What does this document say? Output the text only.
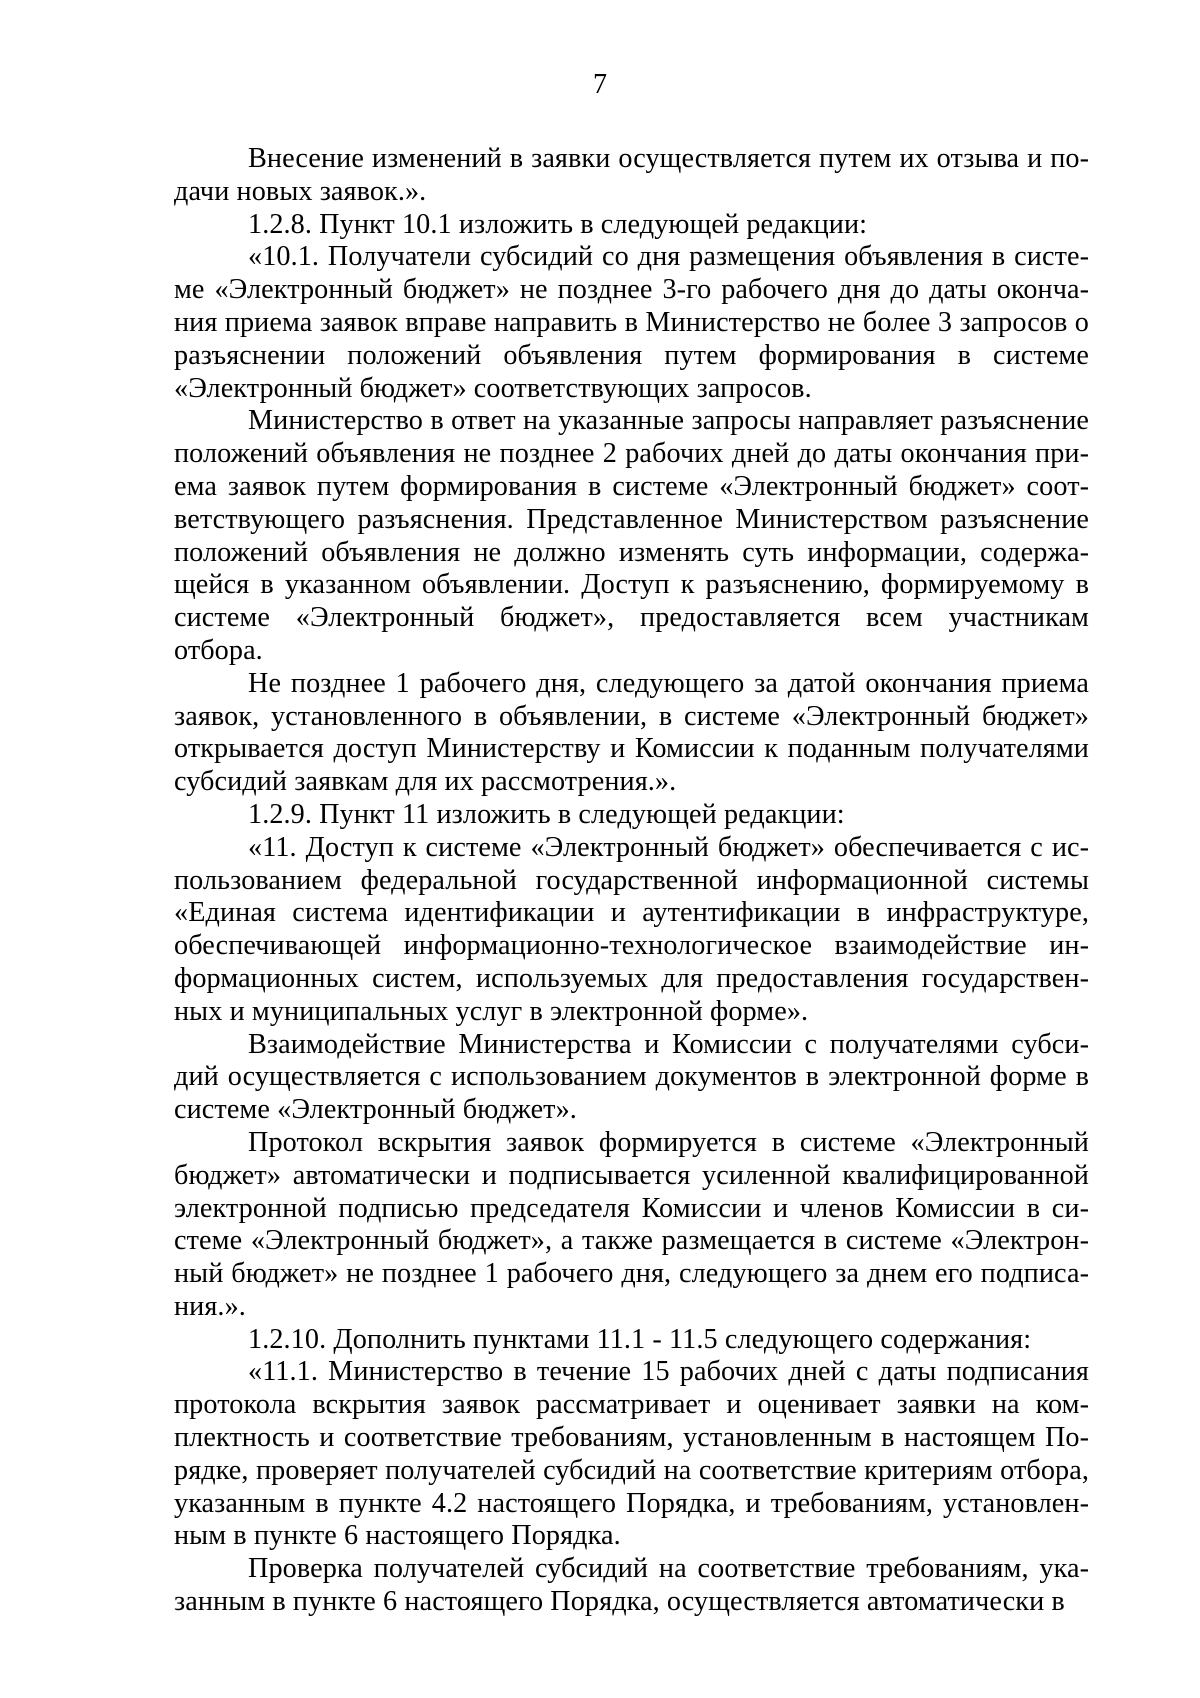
7

Внесение изменений в заявки осуществляется путем их отзыва и подачи новых заявок.».

1.2.8. Пункт 10.1 изложить в следующей редакции:

«10.1. Получатели субсидий со дня размещения объявления в системе «Электронный бюджет» не позднее 3-го рабочего дня до даты окончания приема заявок вправе направить в Министерство не более 3 запросов о разъяснении положений объявления путем формирования в системе «Электронный бюджет» соответствующих запросов.

Министерство в ответ на указанные запросы направляет разъяснение положений объявления не позднее 2 рабочих дней до даты окончания приема заявок путем формирования в системе «Электронный бюджет» соответствующего разъяснения. Представленное Министерством разъяснение положений объявления не должно изменять суть информации, содержащейся в указанном объявлении. Доступ к разъяснению, формируемому в системе «Электронный бюджет», предоставляется всем участникам отбора.

Не позднее 1 рабочего дня, следующего за датой окончания приема заявок, установленного в объявлении, в системе «Электронный бюджет» открывается доступ Министерству и Комиссии к поданным получателями субсидий заявкам для их рассмотрения.».

1.2.9. Пункт 11 изложить в следующей редакции:

«11. Доступ к системе «Электронный бюджет» обеспечивается с использованием федеральной государственной информационной системы «Единая система идентификации и аутентификации в инфраструктуре, обеспечивающей информационно-технологическое взаимодействие информационных систем, используемых для предоставления государственных и муниципальных услуг в электронной форме».

Взаимодействие Министерства и Комиссии с получателями субсидий осуществляется с использованием документов в электронной форме в системе «Электронный бюджет».

Протокол вскрытия заявок формируется в системе «Электронный бюджет» автоматически и подписывается усиленной квалифицированной электронной подписью председателя Комиссии и членов Комиссии в системе «Электронный бюджет», а также размещается в системе «Электронный бюджет» не позднее 1 рабочего дня, следующего за днем его подписания.».

1.2.10. Дополнить пунктами 11.1 - 11.5 следующего содержания:

«11.1. Министерство в течение 15 рабочих дней с даты подписания протокола вскрытия заявок рассматривает и оценивает заявки на комплектность и соответствие требованиям, установленным в настоящем Порядке, проверяет получателей субсидий на соответствие критериям отбора, указанным в пункте 4.2 настоящего Порядка, и требованиям, установленным в пункте 6 настоящего Порядка.

Проверка получателей субсидий на соответствие требованиям, указанным в пункте 6 настоящего Порядка, осуществляется автоматически в
